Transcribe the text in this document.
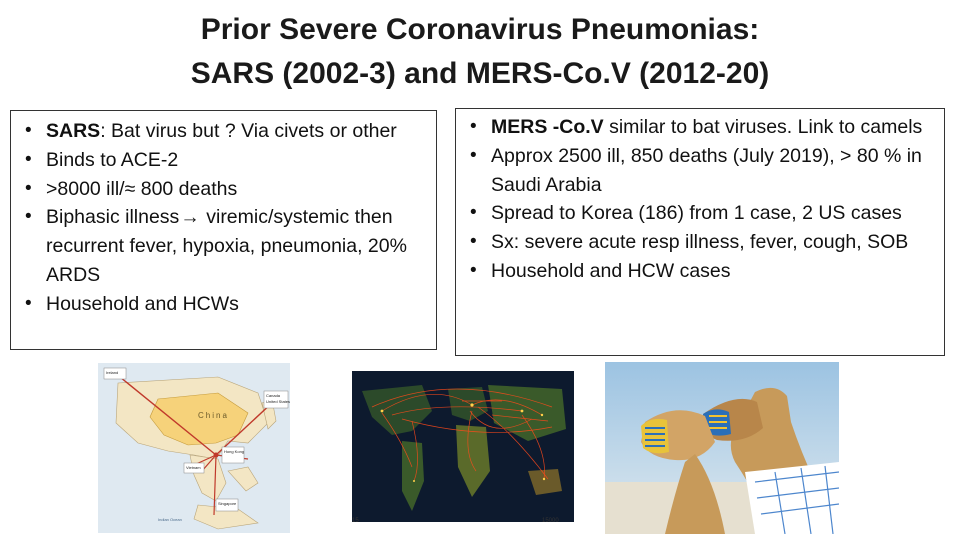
Prior Severe Coronavirus Pneumonias:
SARS (2002-3) and MERS-Co.V (2012-20)
• SARS: Bat virus but ? Via civets or other
• Binds to ACE-2
• >8000 ill/≈ 800 deaths
• Biphasic illness→ viremic/systemic then recurrent fever, hypoxia, pneumonia, 20% ARDS
• Household and HCWs
• MERS -Co.V similar to bat viruses. Link to camels
• Approx 2500 ill, 850 deaths (July 2019), > 80 % in Saudi Arabia
• Spread to Korea (186) from 1 case, 2 US cases
• Sx: severe acute resp illness, fever, cough, SOB
• Household and HCW cases
Ireland
Canada
United States
Hong Kong
Vietnam
Singapore
Indian Ocean
China
15	15000
